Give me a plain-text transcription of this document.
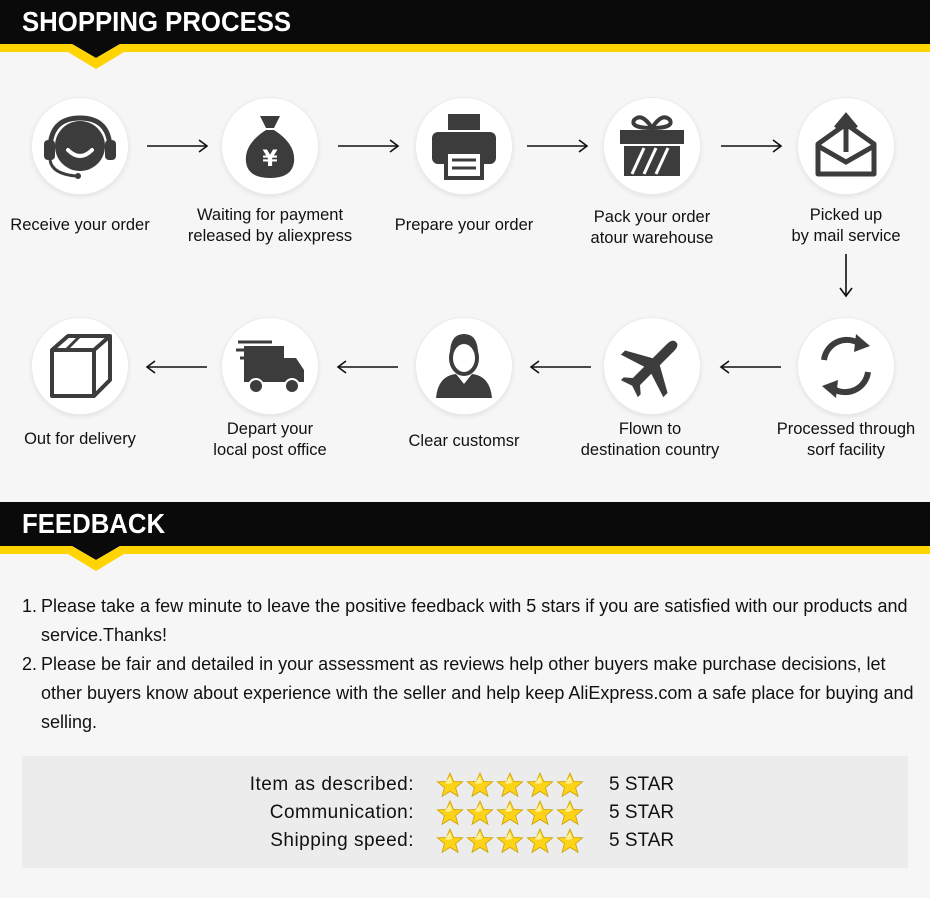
SHOPPING PROCESS
Receive your order
¥
Waiting for payment
released by aliexpress
Prepare your order	Pack your order
atour warehouse
Picked up
by mail service
Processed through
sorf facility
Flown to
destination country
Clear customsr
Depart your
local post office
Out for delivery
FEEDBACK
1. Please take a few minute to leave the positive feedback with 5 stars if you are satisfied with our products and service.Thanks!
2. Please be fair and detailed in your assessment as reviews help other buyers make purchase decisions, let other buyers know about experience with the seller and help keep AliExpress.com a safe place for buying and selling.
Item as described:	5 STAR
Communication:	5 STAR
Shipping speed:	5 STAR
